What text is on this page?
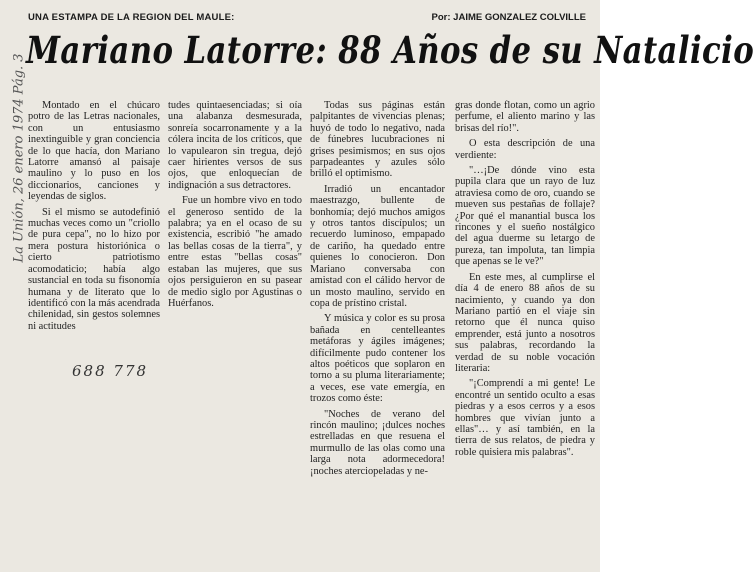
La Unión, 26 enero 1974 Pág. 3
UNA ESTAMPA DE LA REGION DEL MAULE:	Por: JAIME GONZALEZ COLVILLE
Mariano Latorre: 88 Años de su Natalicio

Montado en el chúcaro potro de las Letras nacionales, con un entusiasmo inextinguible y gran conciencia de lo que hacía, don Mariano Latorre amansó al paisaje maulino y lo puso en los diccionarios, canciones y leyendas de siglos.

Si el mismo se autodefinió muchas veces como un "criollo de pura cepa", no lo hizo por mera postura historiónica o cierto patriotismo acomodaticio; había algo sustancial en toda su fisonomía humana y de literato que lo identificó con la más acendrada chilenidad, sin gestos solemnes ni actitudes

tudes quintaesenciadas; si oía una alabanza desmesurada, sonreía socarronamente y a la cólera incita de los críticos, que lo vapulearon sin tregua, dejó caer hirientes versos de sus ojos, que enloquecían de indignación a sus detractores.

Fue un hombre vivo en todo el generoso sentido de la palabra; ya en el ocaso de su existencia, escribió "he amado las bellas cosas de la tierra", y entre estas "bellas cosas" estaban las mujeres, que sus ojos persiguieron en su pasear de medio siglo por Agustinas o Huérfanos.

Todas sus páginas están palpitantes de vivencias plenas; huyó de todo lo negativo, nada de fúnebres lucubraciones ni grises pesimismos; en sus ojos parpadeantes y azules sólo brilló el optimismo.

Irradió un encantador maestrazgo, bullente de bonhomía; dejó muchos amigos y otros tantos discípulos; un recuerdo luminoso, empapado de cariño, ha quedado entre quienes lo conocieron. Don Mariano conversaba con amistad con el cálido hervor de un mosto maulino, servido en copa de prístino cristal.

Y música y color es su prosa bañada en centelleantes metáforas y ágiles imágenes; difícilmente pudo contener los altos poéticos que soplaron en torno a su pluma literariamente; a veces, ese vate emergía, en trozos como éste:

"Noches de verano del rincón maulino; ¡dulces noches estrelladas en que resuena el murmullo de las olas como una larga nota adormecedora! ¡noches aterciopeladas y ne-

gras donde flotan, como un agrio perfume, el aliento marino y las brisas del río!".

O esta descripción de una verdiente:

"…¡De dónde vino esta pupila clara que un rayo de luz atraviesa como de oro, cuando se mueven sus pestañas de follaje? ¿Por qué el manantial busca los rincones y el sueño nostálgico del agua duerme su letargo de pureza, tan impoluta, tan limpia que apenas se le ve?"

En este mes, al cumplirse el día 4 de enero 88 años de su nacimiento, y cuando ya don Mariano partió en el viaje sin retorno que él nunca quiso emprender, está junto a nosotros sus palabras, recordando la verdad de su noble vocación literaria:

"¡Comprendí a mi gente! Le encontré un sentido oculto a esas piedras y a esos cerros y a esos hombres que vivían junto a ellas"… y así también, en la tierra de sus relatos, de piedra y roble quisiera mis palabras".

688 778
